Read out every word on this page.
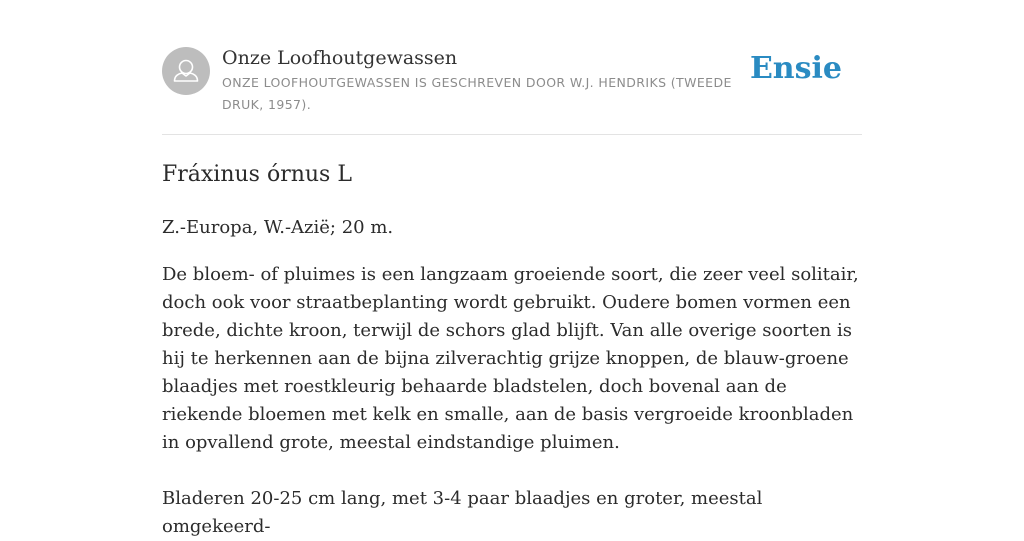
Onze Loofhoutgewassen
ONZE LOOFHOUTGEWASSEN IS GESCHREVEN DOOR W.J. HENDRIKS (TWEEDE DRUK, 1957).
Ensie
Fráxinus órnus L

Z.-Europa, W.-Azië; 20 m.

De bloem- of pluimes is een langzaam groeiende soort, die zeer veel solitair, doch ook voor straatbeplanting wordt gebruikt. Oudere bomen vormen een brede, dichte kroon, terwijl de schors glad blijft. Van alle overige soorten is hij te herkennen aan de bijna zilverachtig grijze knoppen, de blauw-groene blaadjes met roestkleurig behaarde bladstelen, doch bovenal aan de riekende bloemen met kelk en smalle, aan de basis vergroeide kroonbladen in opvallend grote, meestal eindstandige pluimen.

Bladeren 20-25 cm lang, met 3-4 paar blaadjes en groter, meestal omgekeerd-
